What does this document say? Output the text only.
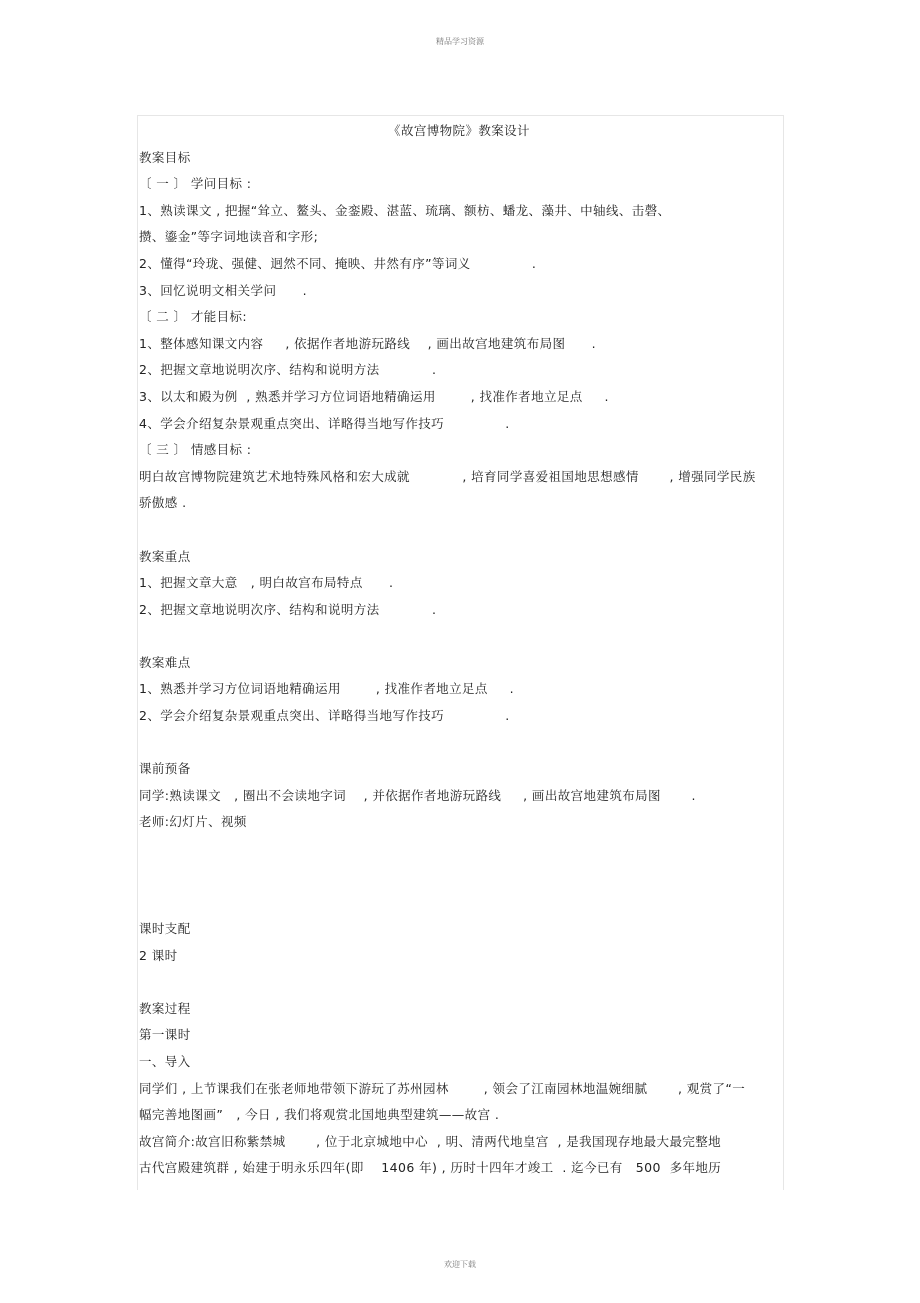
精品学习资源
《故宫博物院》教案设计
教案目标
〔 一 〕 学问目标 :
1、熟读课文 , 把握“耸立、鳌头、金銮殿、湛蓝、琉璃、额枋、蟠龙、藻井、中轴线、击磬、
攒、鎏金”等字词地读音和字形;
2、懂得“玲珑、强健、迥然不同、掩映、井然有序”等词义              .
3、回忆说明文相关学问      .
〔 二 〕 才能目标:
1、整体感知课文内容     , 依据作者地游玩路线    , 画出故宫地建筑布局图      .
2、把握文章地说明次序、结构和说明方法            .
3、以太和殿为例  , 熟悉并学习方位词语地精确运用        , 找准作者地立足点     .
4、学会介绍复杂景观重点突出、详略得当地写作技巧              .
〔 三 〕 情感目标 :
明白故宫博物院建筑艺术地特殊风格和宏大成就            , 培育同学喜爱祖国地思想感情       , 增强同学民族
骄傲感 .
教案重点
1、把握文章大意   , 明白故宫布局特点      .
2、把握文章地说明次序、结构和说明方法            .
教案难点
1、熟悉并学习方位词语地精确运用        , 找准作者地立足点     .
2、学会介绍复杂景观重点突出、详略得当地写作技巧              .
课前预备
同学:熟读课文   , 圈出不会读地字词    , 并依据作者地游玩路线     , 画出故宫地建筑布局图       .
老师:幻灯片、视频
课时支配
2 课时
教案过程
第一课时
一、导入
同学们 , 上节课我们在张老师地带领下游玩了苏州园林        , 领会了江南园林地温婉细腻       , 观赏了“一
幅完善地图画”   , 今日 , 我们将观赏北国地典型建筑——故宫 .
故宫简介:故宫旧称紫禁城       , 位于北京城地中心  , 明、清两代地皇宫  , 是我国现存地最大最完整地
古代宫殿建筑群 , 始建于明永乐四年(即    1406 年) , 历时十四年才竣工  . 迄今已有   500  多年地历
欢迎下载
